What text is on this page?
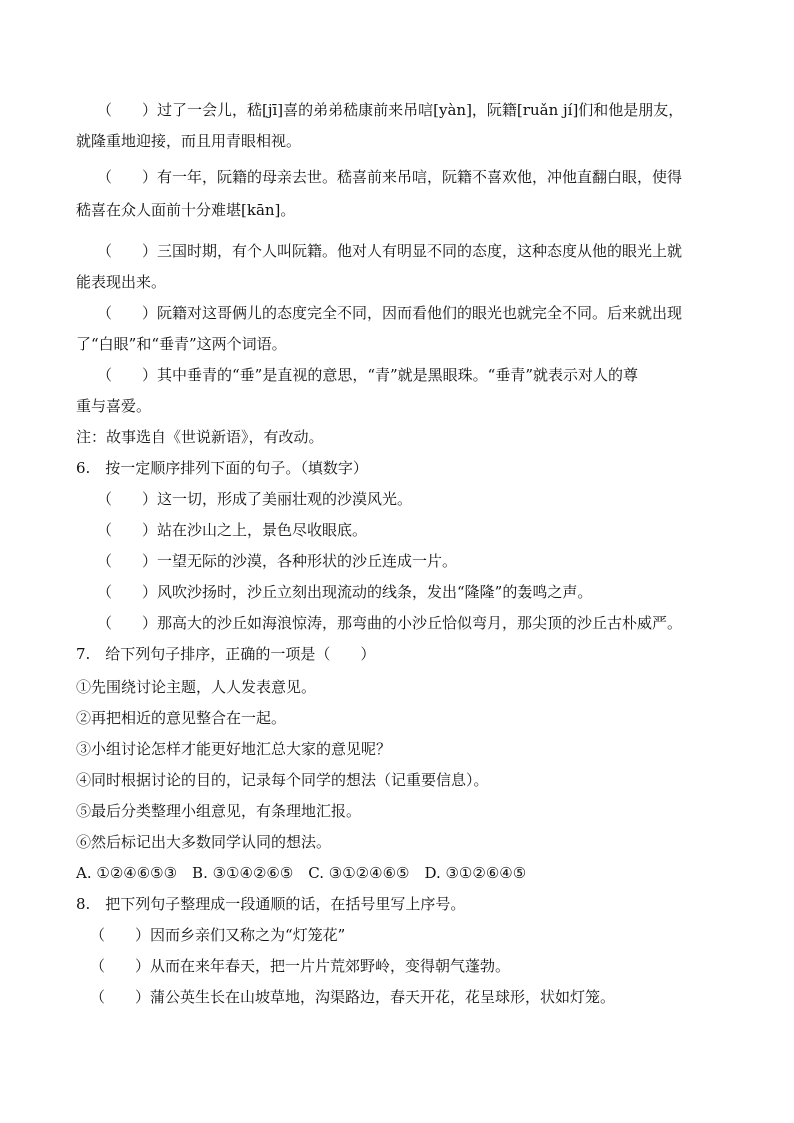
（　　）过了一会儿，嵇[jī]喜的弟弟嵇康前来吊唁[yàn]，阮籍[ruǎn jí]们和他是朋友，
就隆重地迎接，而且用青眼相视。
（　　）有一年，阮籍的母亲去世。嵇喜前来吊唁，阮籍不喜欢他，冲他直翻白眼，使得
嵇喜在众人面前十分难堪[kān]。
（　　）三国时期，有个人叫阮籍。他对人有明显不同的态度，这种态度从他的眼光上就
能表现出来。
（　　）阮籍对这哥俩儿的态度完全不同，因而看他们的眼光也就完全不同。后来就出现
了“白眼”和“垂青”这两个词语。
（　　）其中垂青的“垂”是直视的意思，“青”就是黑眼珠。“垂青”就表示对人的尊
重与喜爱。
注：故事选自《世说新语》，有改动。
6.　按一定顺序排列下面的句子。（填数字）
（　　）这一切，形成了美丽壮观的沙漠风光。
（　　）站在沙山之上，景色尽收眼底。
（　　）一望无际的沙漠，各种形状的沙丘连成一片。
（　　）风吹沙扬时，沙丘立刻出现流动的线条，发出“隆隆”的轰鸣之声。
（　　）那高大的沙丘如海浪惊涛，那弯曲的小沙丘恰似弯月，那尖顶的沙丘古朴威严。
7.　给下列句子排序，正确的一项是（　　）
①先围绕讨论主题，人人发表意见。
②再把相近的意见整合在一起。
③小组讨论怎样才能更好地汇总大家的意见呢？
④同时根据讨论的目的，记录每个同学的想法（记重要信息）。
⑤最后分类整理小组意见，有条理地汇报。
⑥然后标记出大多数同学认同的想法。
A. ①②④⑥⑤③　B. ③①④②⑥⑤　C. ③①②④⑥⑤　D. ③①②⑥④⑤
8.　把下列句子整理成一段通顺的话，在括号里写上序号。
（　　）因而乡亲们又称之为“灯笼花”
（　　）从而在来年春天，把一片片荒郊野岭，变得朝气蓬勃。
（　　）蒲公英生长在山坡草地，沟渠路边，春天开花，花呈球形，状如灯笼。
